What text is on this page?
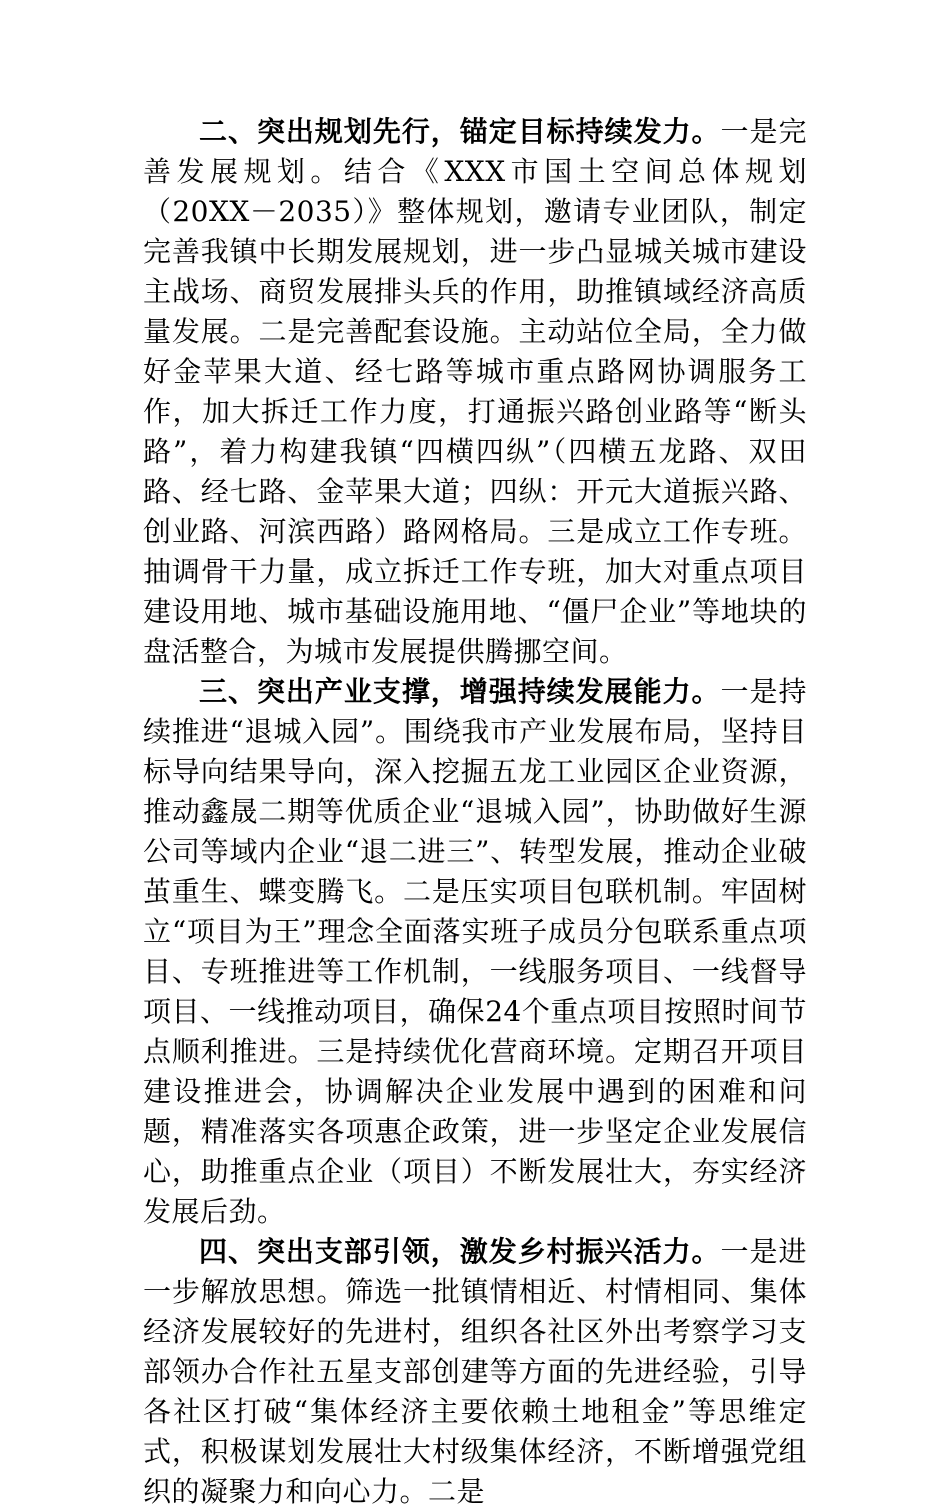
二、突出规划先行，锚定目标持续发力。一是完善发展规划。结合《XXX市国土空间总体规划（20XX－2035）》整体规划，邀请专业团队，制定完善我镇中长期发展规划，进一步凸显城关城市建设主战场、商贸发展排头兵的作用，助推镇域经济高质量发展。二是完善配套设施。主动站位全局，全力做好金苹果大道、经七路等城市重点路网协调服务工作，加大拆迁工作力度，打通振兴路创业路等“断头路”，着力构建我镇“四横四纵”（四横五龙路、双田路、经七路、金苹果大道；四纵：开元大道振兴路、创业路、河滨西路）路网格局。三是成立工作专班。抽调骨干力量，成立拆迁工作专班，加大对重点项目建设用地、城市基础设施用地、“僵尸企业”等地块的盘活整合，为城市发展提供腾挪空间。

三、突出产业支撑，增强持续发展能力。一是持续推进“退城入园”。围绕我市产业发展布局，坚持目标导向结果导向，深入挖掘五龙工业园区企业资源，推动鑫晟二期等优质企业“退城入园”，协助做好生源公司等域内企业“退二进三”、转型发展，推动企业破茧重生、蝶变腾飞。二是压实项目包联机制。牢固树立“项目为王”理念全面落实班子成员分包联系重点项目、专班推进等工作机制，一线服务项目、一线督导项目、一线推动项目，确保24个重点项目按照时间节点顺利推进。三是持续优化营商环境。定期召开项目建设推进会，协调解决企业发展中遇到的困难和问题，精准落实各项惠企政策，进一步坚定企业发展信心，助推重点企业（项目）不断发展壮大，夯实经济发展后劲。

四、突出支部引领，激发乡村振兴活力。一是进一步解放思想。筛选一批镇情相近、村情相同、集体经济发展较好的先进村，组织各社区外出考察学习支部领办合作社五星支部创建等方面的先进经验，引导各社区打破“集体经济主要依赖土地租金”等思维定式，积极谋划发展壮大村级集体经济，不断增强党组织的凝聚力和向心力。二是
